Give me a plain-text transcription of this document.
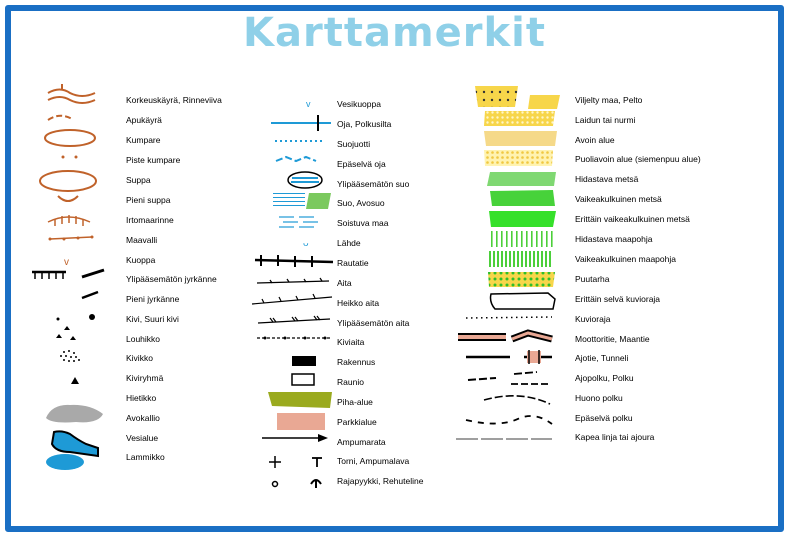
Karttamerkit
Korkeuskäyrä, Rinneviiva
Apukäyrä
Kumpare
Piste kumpare
Suppa
Pieni suppa
Irtomaarinne
Maavalli
Kuoppa
Ylipääsemätön jyrkänne
Pieni jyrkänne
Kivi, Suuri kivi
Louhikko
Kivikko
Kiviryhmä
Hietikko
Avokallio
Vesialue
Lammikko
Vesikuoppa
Oja, Polkusilta
Suojuotti
Epäselvä oja
Ylipääsemätön suo
Suo, Avosuo
Soistuva maa
Lähde
Rautatie
Aita
Heikko aita
Ylipääsemätön aita
Kiviaita
Rakennus
Raunio
Piha-alue
Parkkialue
Ampumarata
Torni, Ampumalava
Rajapyykki, Rehuteline
Viljelty maa, Pelto
Laidun tai nurmi
Avoin alue
Puoliavoin alue (siemenpuu alue)
Hidastava metsä
Vaikeakulkuinen metsä
Erittäin vaikeakulkuinen metsä
Hidastava maapohja
Vaikeakulkuinen maapohja
Puutarha
Erittäin selvä kuvioraja
Kuvioraja
Moottoritie, Maantie
Ajotie, Tunneli
Ajopolku, Polku
Huono polku
Epäselvä polku
Kapea linja tai ajoura
v
v
ᴗ
